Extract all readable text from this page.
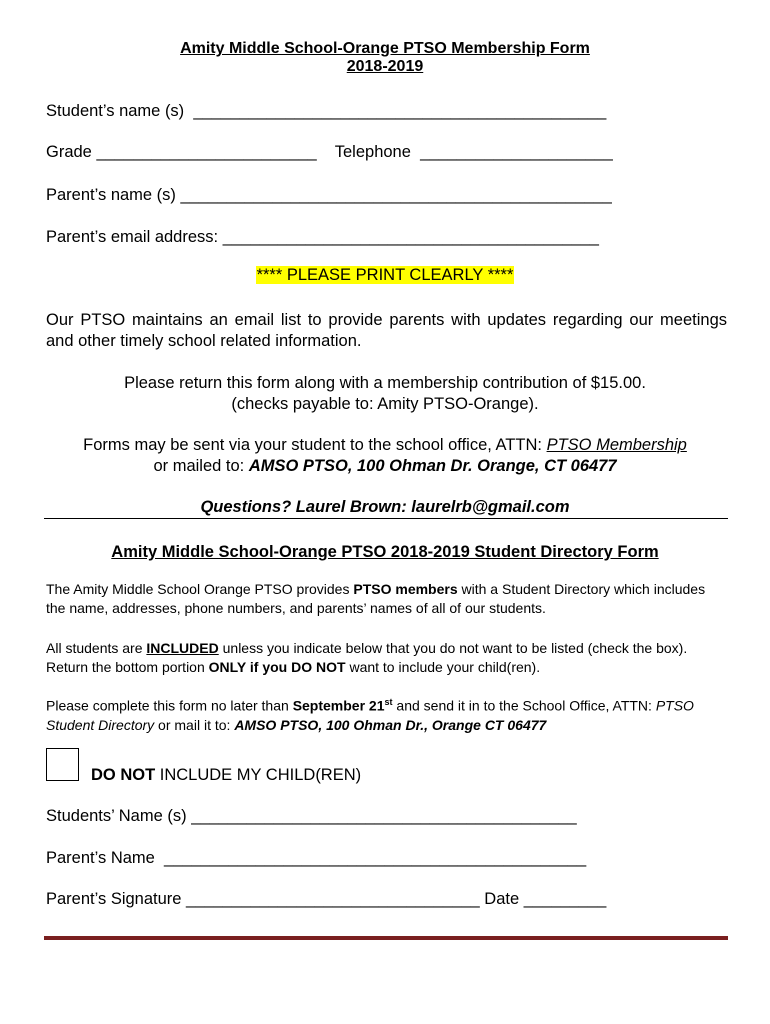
Amity Middle School-Orange PTSO Membership Form
2018-2019
Student’s name (s) _____________________________________________
Grade ________________________ Telephone _____________________
Parent’s name (s) _______________________________________________
Parent’s email address: _________________________________________
**** PLEASE PRINT CLEARLY ****
Our PTSO maintains an email list to provide parents with updates regarding our meetings and other timely school related information.
Please return this form along with a membership contribution of $15.00.
(checks payable to: Amity PTSO-Orange).
Forms may be sent via your student to the school office, ATTN: PTSO Membership
or mailed to: AMSO PTSO, 100 Ohman Dr. Orange, CT 06477
Questions? Laurel Brown: laurelrb@gmail.com
Amity Middle School-Orange PTSO 2018-2019 Student Directory Form
The Amity Middle School Orange PTSO provides PTSO members with a Student Directory which includes the name, addresses, phone numbers, and parents’ names of all of our students.
All students are INCLUDED unless you indicate below that you do not want to be listed (check the box). Return the bottom portion ONLY if you DO NOT want to include your child(ren).
Please complete this form no later than September 21st and send it in to the School Office, ATTN: PTSO Student Directory or mail it to: AMSO PTSO, 100 Ohman Dr., Orange CT 06477
DO NOT INCLUDE MY CHILD(REN)
Students’ Name (s) __________________________________________
Parent’s Name ______________________________________________
Parent’s Signature ________________________________ Date _________
